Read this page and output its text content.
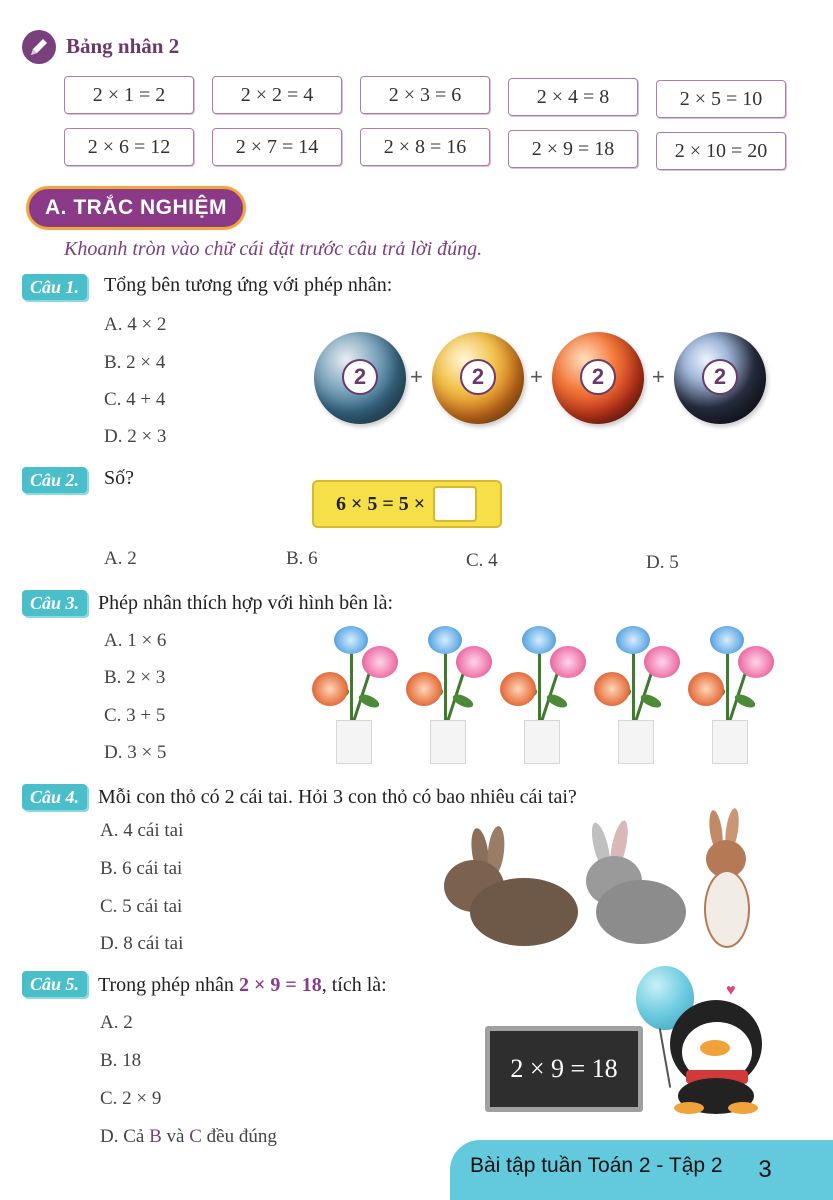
Bảng nhân 2
2 × 1 = 2	2 × 2 = 4	2 × 3 = 6	2 × 4 = 8	2 × 5 = 10
2 × 6 = 12	2 × 7 = 14	2 × 8 = 16	2 × 9 = 18	2 × 10 = 20
A. TRẮC NGHIỆM
Khoanh tròn vào chữ cái đặt trước câu trả lời đúng.
Câu 1.	Tổng bên tương ứng với phép nhân:
A. 4 × 2
B. 2 × 4
C. 4 + 4
D. 2 × 3
2	+	2	+	2	+	2
Câu 2.	Số?
6 × 5 = 5 ×
A. 2	B. 6	C. 4	D. 5
Câu 3. Phép nhân thích hợp với hình bên là:
A. 1 × 6
B. 2 × 3
C. 3 + 5
D. 3 × 5
Câu 4. Mỗi con thỏ có 2 cái tai. Hỏi 3 con thỏ có bao nhiêu cái tai?
A. 4 cái tai
B. 6 cái tai
C. 5 cái tai
D. 8 cái tai
Câu 5. Trong phép nhân 2 × 9 = 18, tích là:
A. 2
B. 18
C. 2 × 9
D. Cả B và C đều đúng
2 × 9 = 18
♥
Bài tập tuần Toán 2 - Tập 2	3
